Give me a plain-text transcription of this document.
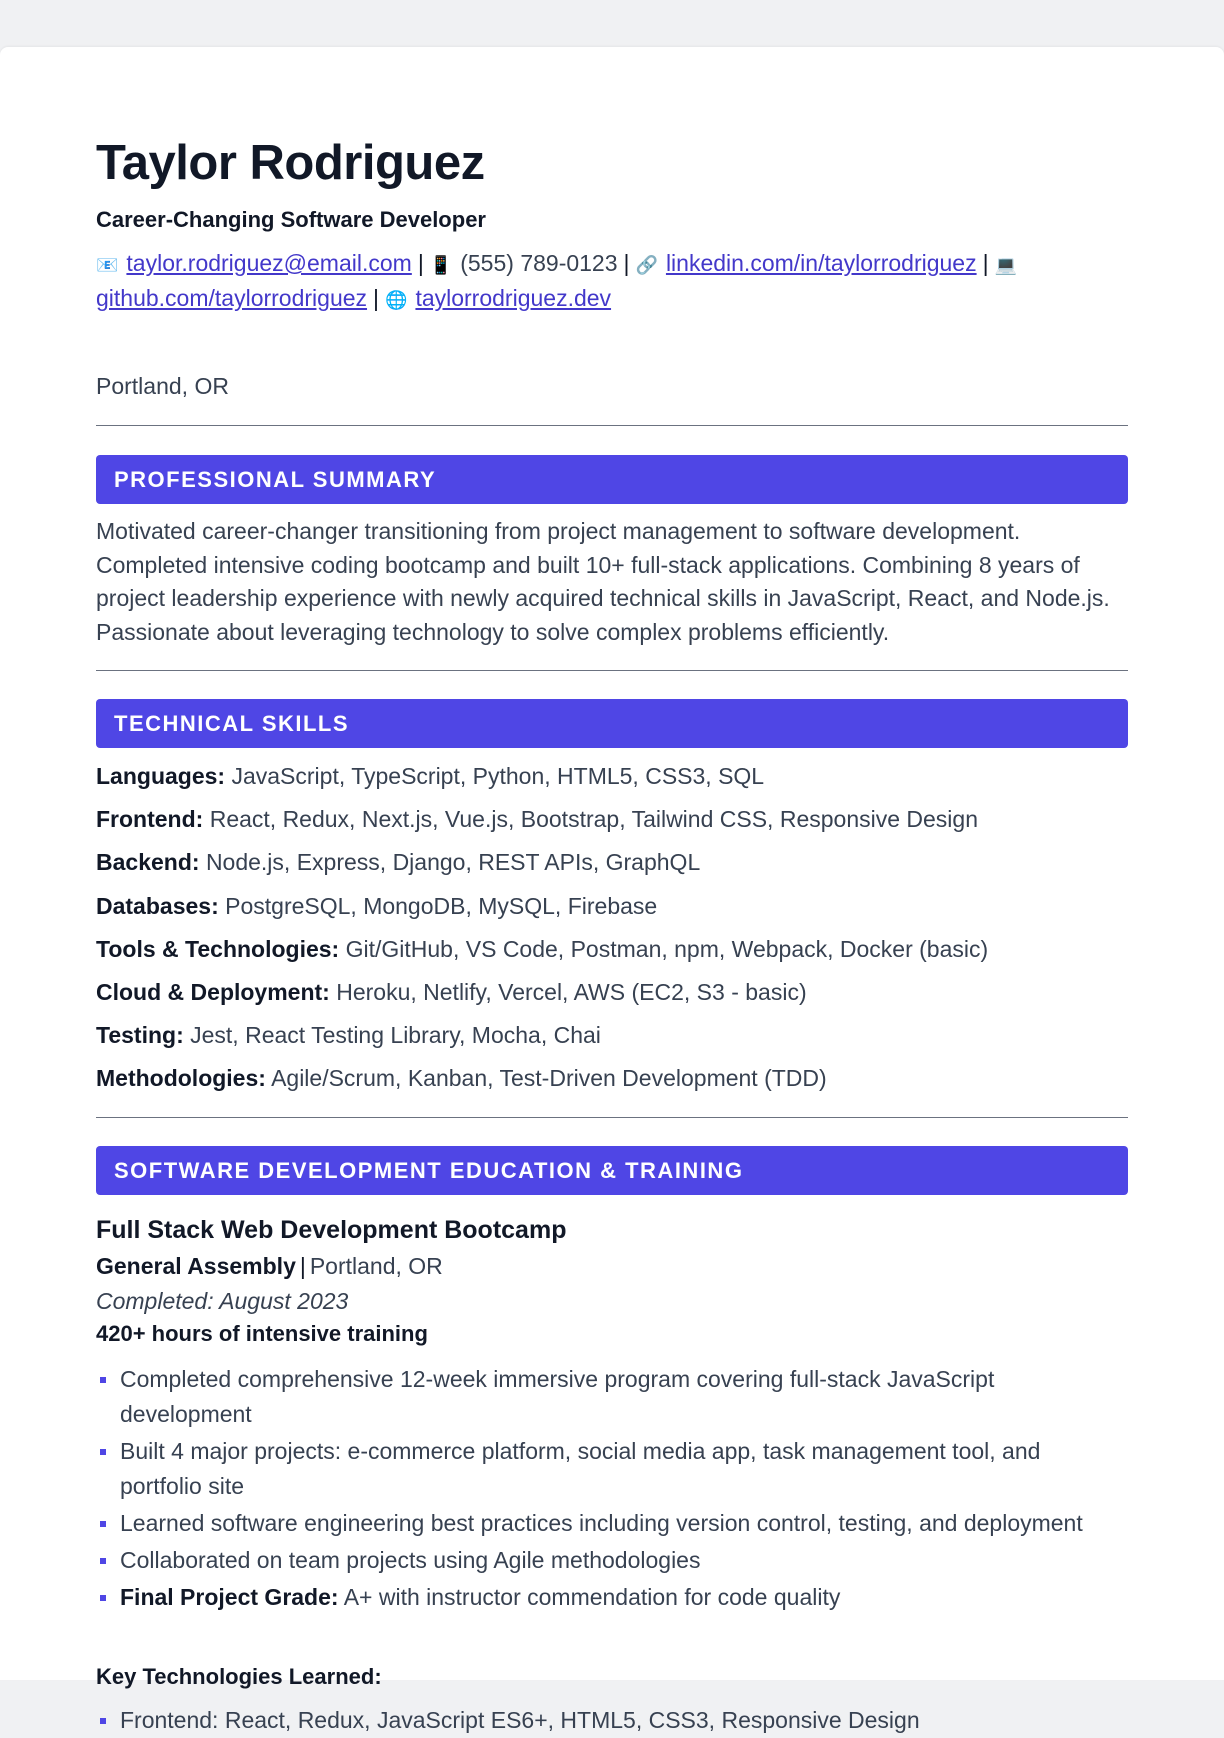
Taylor Rodriguez
Career-Changing Software Developer
📧 taylor.rodriguez@email.com | 📱 (555) 789-0123 | 🔗 linkedin.com/in/taylorrodriguez | 💻
github.com/taylorrodriguez | 🌐 taylorrodriguez.dev
Portland, OR
PROFESSIONAL SUMMARY

Motivated career-changer transitioning from project management to software development. Completed intensive coding bootcamp and built 10+ full-stack applications. Combining 8 years of project leadership experience with newly acquired technical skills in JavaScript, React, and Node.js. Passionate about leveraging technology to solve complex problems efficiently.

TECHNICAL SKILLS
Languages: JavaScript, TypeScript, Python, HTML5, CSS3, SQL
Frontend: React, Redux, Next.js, Vue.js, Bootstrap, Tailwind CSS, Responsive Design
Backend: Node.js, Express, Django, REST APIs, GraphQL
Databases: PostgreSQL, MongoDB, MySQL, Firebase
Tools & Technologies: Git/GitHub, VS Code, Postman, npm, Webpack, Docker (basic)
Cloud & Deployment: Heroku, Netlify, Vercel, AWS (EC2, S3 - basic)
Testing: Jest, React Testing Library, Mocha, Chai
Methodologies: Agile/Scrum, Kanban, Test-Driven Development (TDD)
SOFTWARE DEVELOPMENT EDUCATION & TRAINING
Full Stack Web Development Bootcamp
General Assembly | Portland, OR
Completed: August 2023
420+ hours of intensive training
Completed comprehensive 12-week immersive program covering full-stack JavaScript development
Built 4 major projects: e-commerce platform, social media app, task management tool, and portfolio site
Learned software engineering best practices including version control, testing, and deployment
Collaborated on team projects using Agile methodologies
Final Project Grade: A+ with instructor commendation for code quality
Key Technologies Learned:
Frontend: React, Redux, JavaScript ES6+, HTML5, CSS3, Responsive Design
